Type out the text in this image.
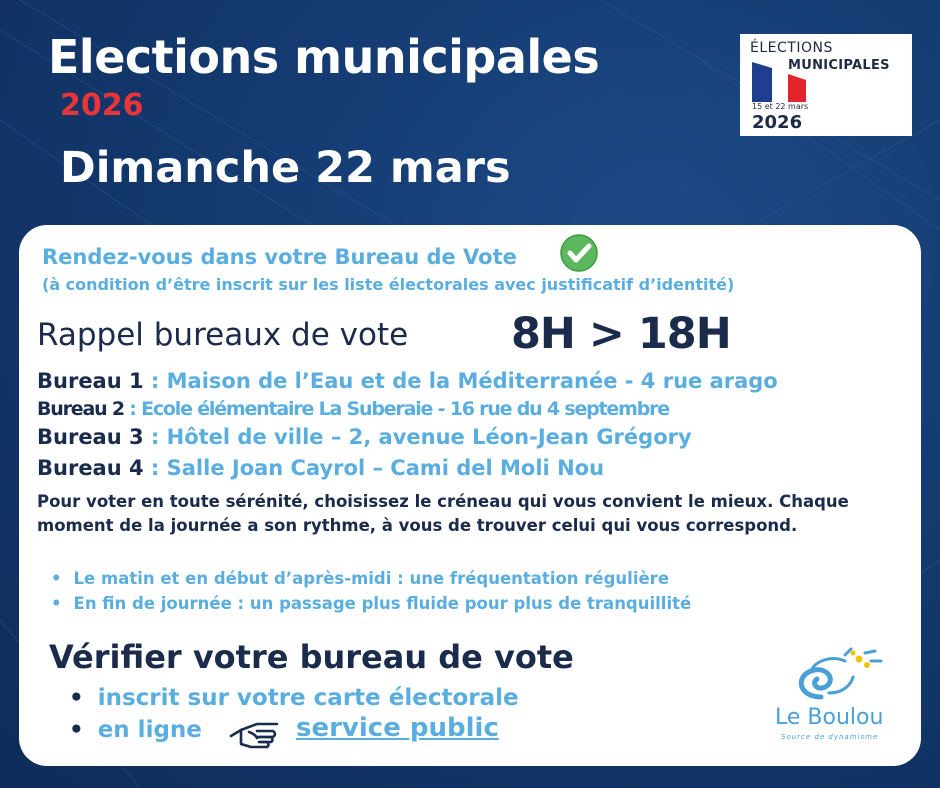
Elections municipales
2026
Dimanche 22 mars
ÉLECTIONS
MUNICIPALES
15 et 22 mars
2026
Rendez-vous dans votre Bureau de Vote
(à condition d’être inscrit sur les liste électorales avec justificatif d’identité)
Rappel bureaux de vote 8H > 18H
Bureau 1 : Maison de l’Eau et de la Méditerranée - 4 rue arago
Bureau 2 : Ecole élémentaire La Suberaie - 16 rue du 4 septembre
Bureau 3 : Hôtel de ville – 2, avenue Léon-Jean Grégory
Bureau 4 : Salle Joan Cayrol – Cami del Moli Nou
Pour voter en toute sérénité, choisissez le créneau qui vous convient le mieux. Chaque moment de la journée a son rythme, à vous de trouver celui qui vous correspond.
• Le matin et en début d’après-midi : une fréquentation régulière
• En fin de journée : un passage plus fluide pour plus de tranquillité
Vérifier votre bureau de vote
• inscrit sur votre carte électorale
• en ligne	service public	Le Boulou
Source de dynamisme
